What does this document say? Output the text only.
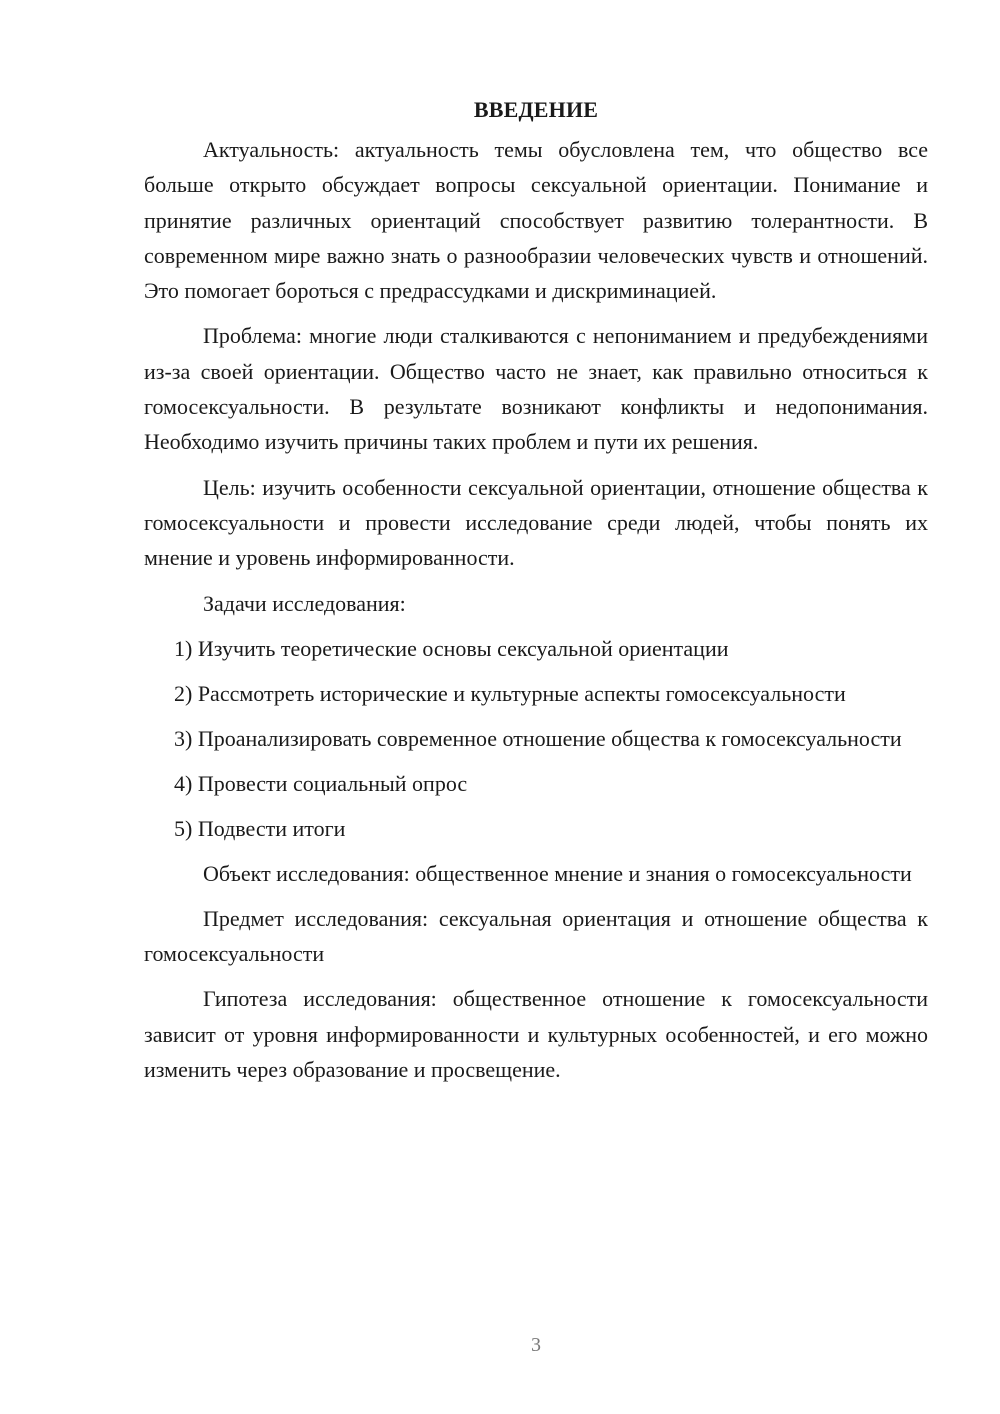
ВВЕДЕНИЕ

Актуальность: актуальность темы обусловлена тем, что общество все больше открыто обсуждает вопросы сексуальной ориентации. Понимание и принятие различных ориентаций способствует развитию толерантности. В современном мире важно знать о разнообразии человеческих чувств и отношений. Это помогает бороться с предрассудками и дискриминацией.

Проблема: многие люди сталкиваются с непониманием и предубеждениями из-за своей ориентации. Общество часто не знает, как правильно относиться к гомосексуальности. В результате возникают конфликты и недопонимания. Необходимо изучить причины таких проблем и пути их решения.

Цель: изучить особенности сексуальной ориентации, отношение общества к гомосексуальности и провести исследование среди людей, чтобы понять их мнение и уровень информированности.

Задачи исследования:

1) Изучить теоретические основы сексуальной ориентации

2) Рассмотреть исторические и культурные аспекты гомосексуальности

3) Проанализировать современное отношение общества к гомосексуальности

4) Провести социальный опрос

5) Подвести итоги

Объект исследования: общественное мнение и знания о гомосексуальности

Предмет исследования: сексуальная ориентация и отношение общества к гомосексуальности

Гипотеза исследования: общественное отношение к гомосексуальности зависит от уровня информированности и культурных особенностей, и его можно изменить через образование и просвещение.

3
